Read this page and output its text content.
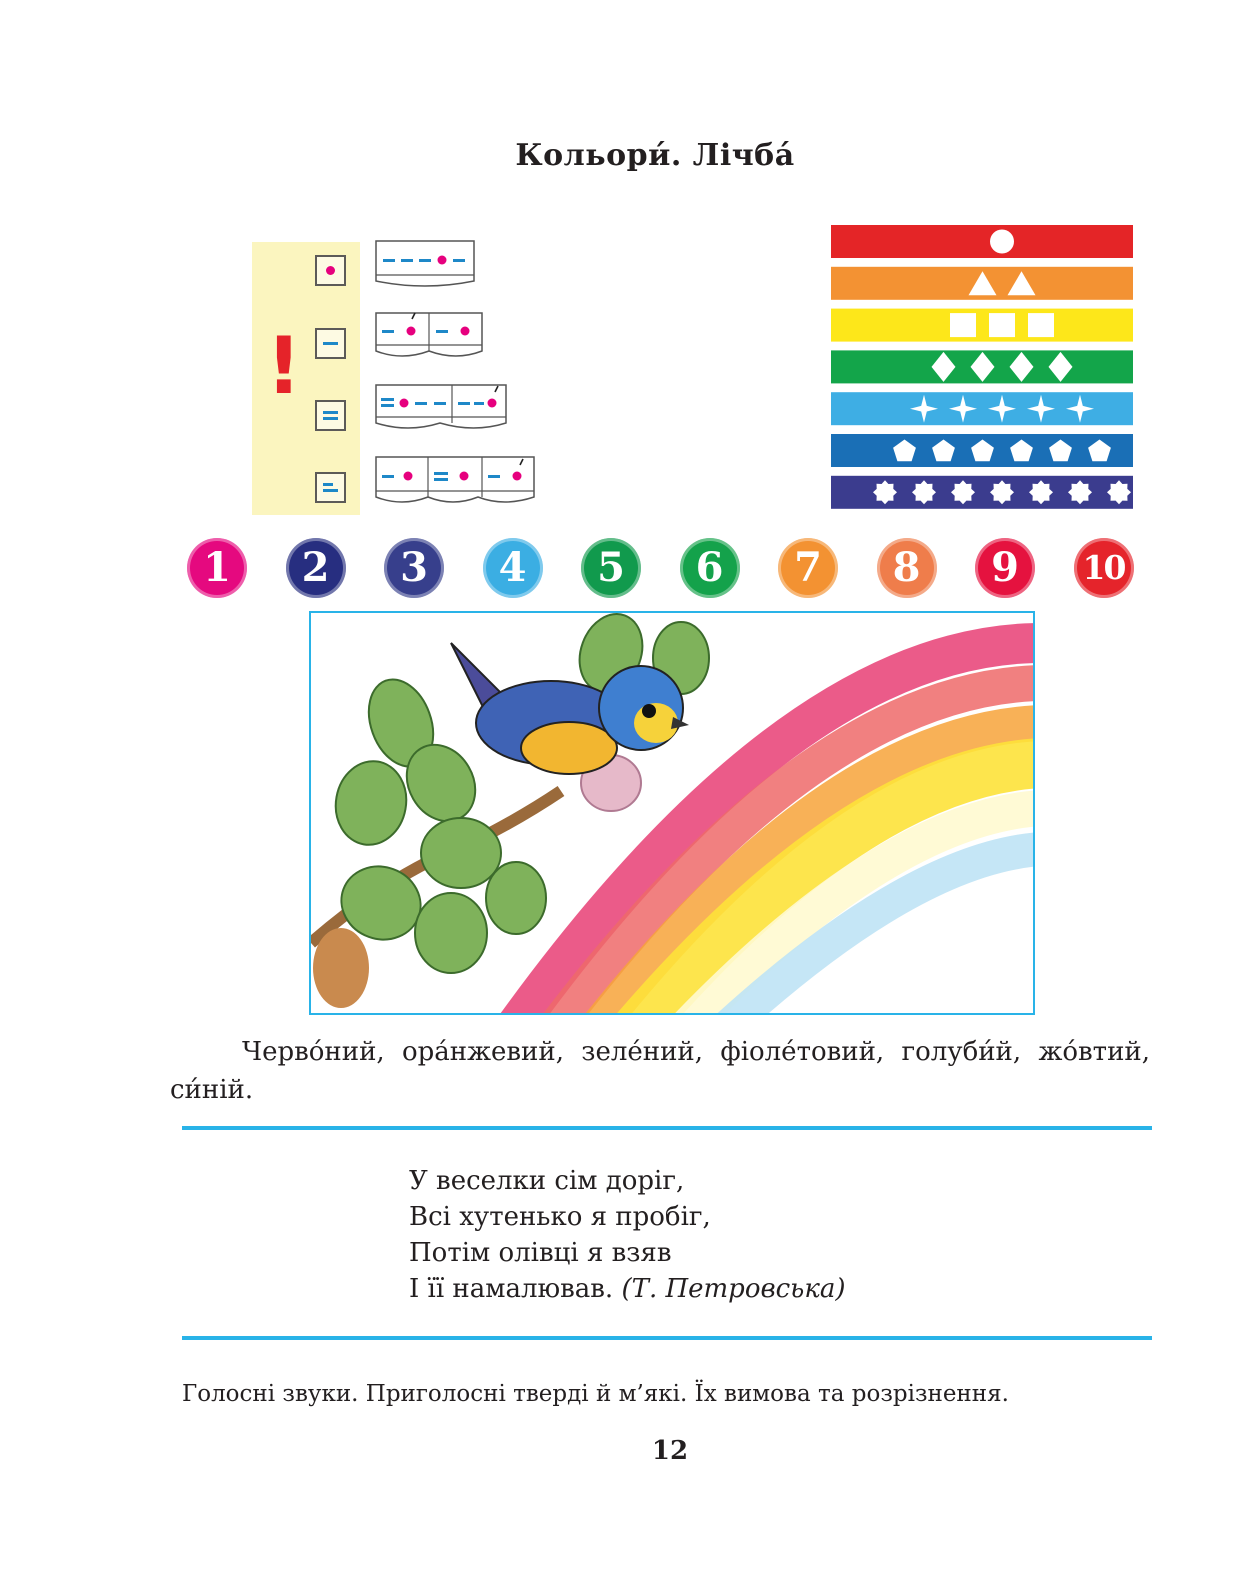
Кольори́. Лічба́
!
1	2	3	4	5	6	7	8	9	10
Черво́ний, ора́нжевий, зеле́ний, фіоле́товий, голуби́й, жо́втий, си́ній.
У веселки сім доріг,
Всі хутенько я пробіг,
Потім олівці я взяв
І її намалював. (Т. Петровська)
Голосні звуки. Приголосні тверді й м’які. Їх вимова та розрізнення.
12
